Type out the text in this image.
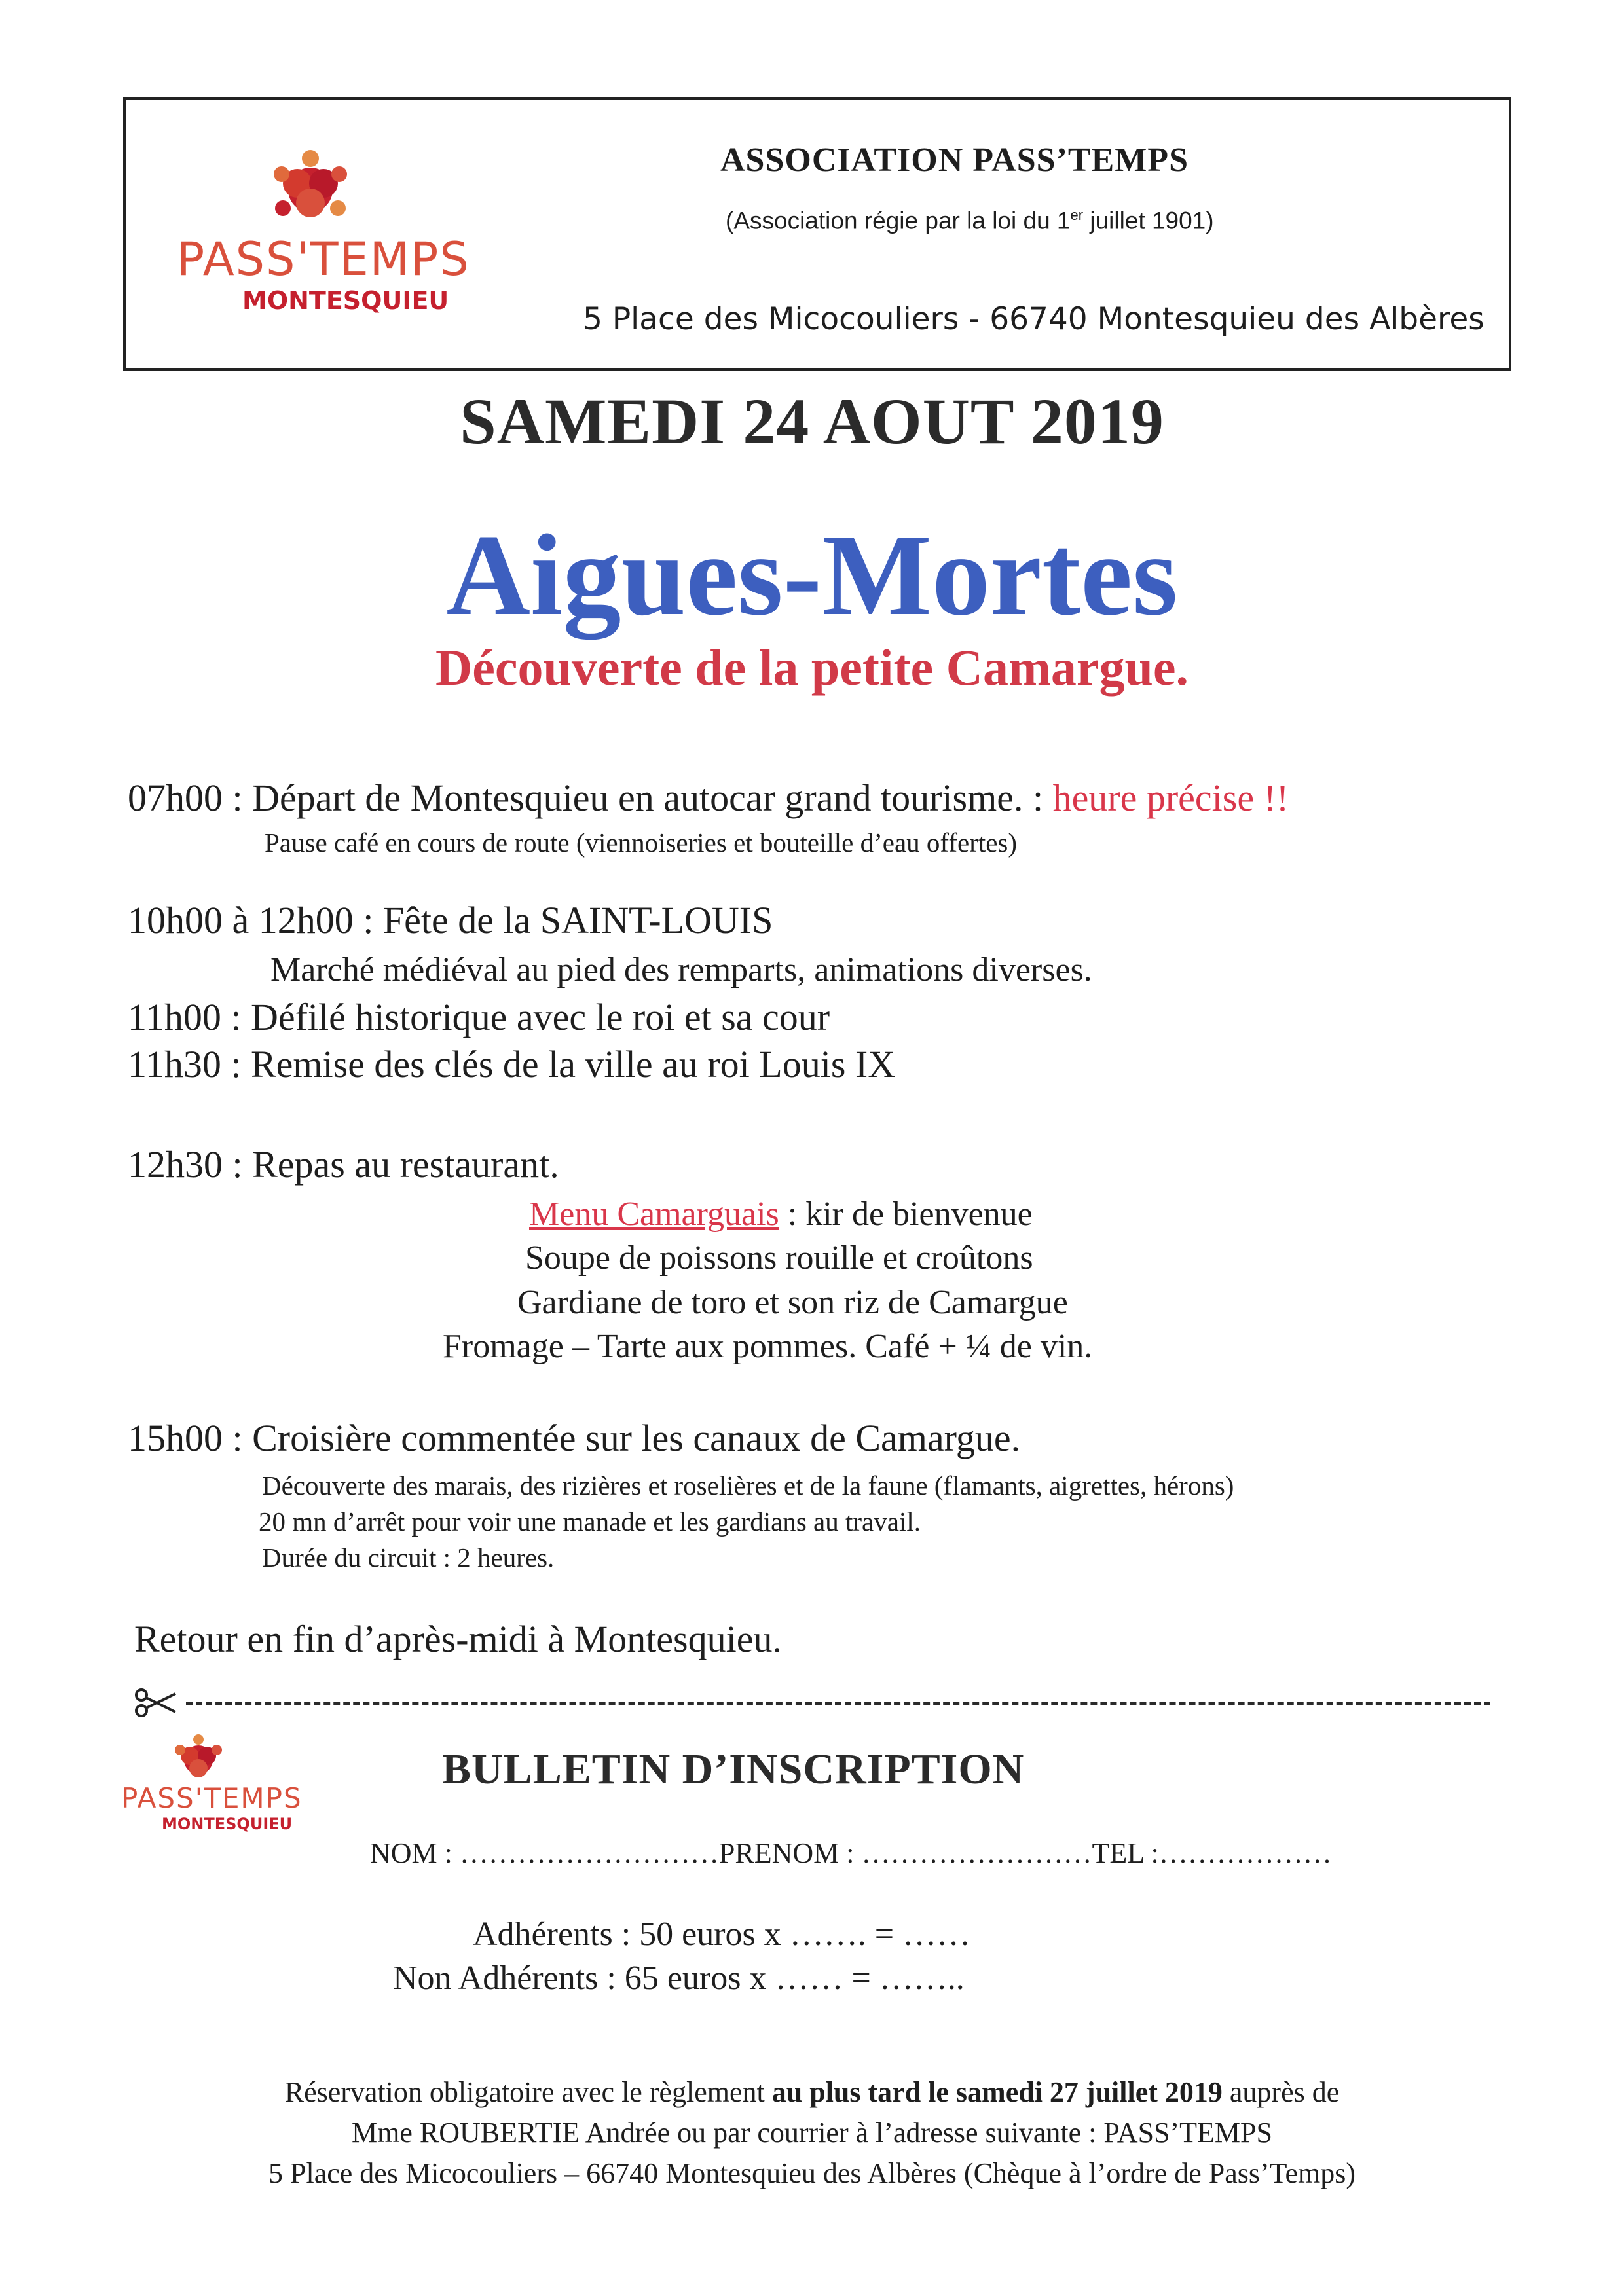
PASS'TEMPS
MONTESQUIEU
ASSOCIATION PASS’TEMPS
(Association régie par la loi du 1er juillet 1901)
5 Place des Micocouliers - 66740 Montesquieu des Albères
SAMEDI 24 AOUT 2019
Aigues-Mortes
Découverte de la petite Camargue.
07h00 : Départ de Montesquieu en autocar grand tourisme. : heure précise !!
Pause café en cours de route (viennoiseries et bouteille d’eau offertes)
10h00 à 12h00 : Fête de la SAINT-LOUIS
Marché médiéval au pied des remparts, animations diverses.
11h00 : Défilé historique avec le roi et sa cour
11h30 : Remise des clés de la ville au roi Louis IX
12h30 : Repas au restaurant.
Menu Camarguais : kir de bienvenue
Soupe de poissons rouille et croûtons
Gardiane de toro et son riz de Camargue
Fromage – Tarte aux pommes. Café + ¼ de vin.
15h00 : Croisière commentée sur les canaux de Camargue.
Découverte des marais, des rizières et roselières et de la faune (flamants, aigrettes, hérons)
20 mn d’arrêt pour voir une manade et les gardians au travail.
Durée du circuit : 2 heures.
Retour en fin d’après-midi à Montesquieu.
PASS'TEMPS
MONTESQUIEU
BULLETIN D’INSCRIPTION
NOM : ………………………PRENOM : ……………………TEL :………………
Adhérents : 50 euros x ……. = ……
Non Adhérents : 65 euros x …… = ……..
Réservation obligatoire avec le règlement au plus tard le samedi 27 juillet 2019 auprès de
Mme ROUBERTIE Andrée ou par courrier à l’adresse suivante : PASS’TEMPS
5 Place des Micocouliers – 66740 Montesquieu des Albères (Chèque à l’ordre de Pass’Temps)
